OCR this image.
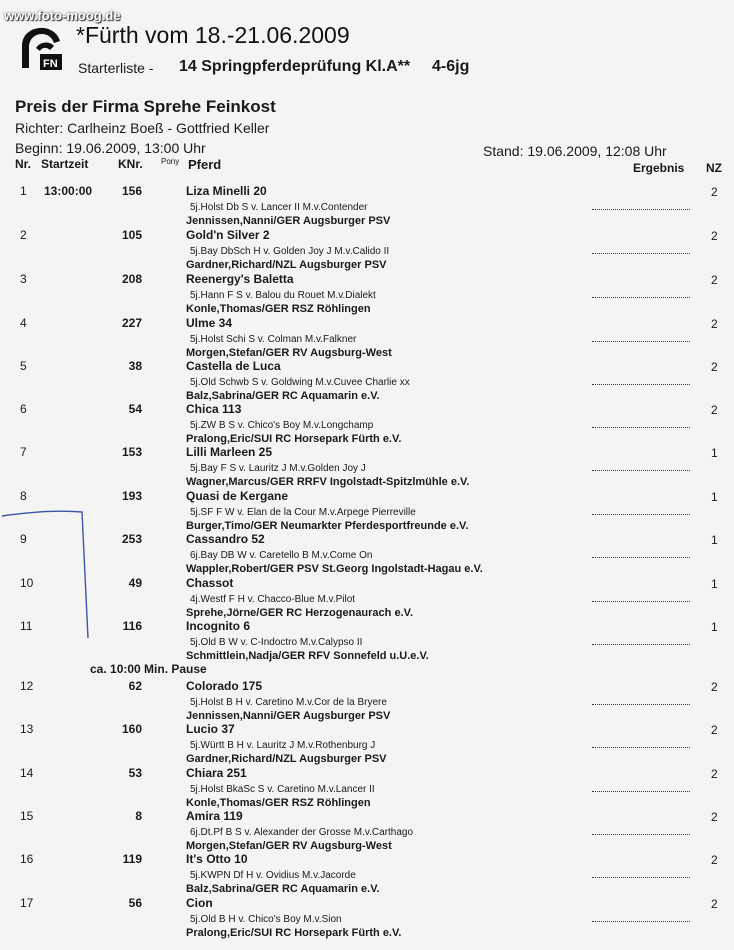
www.foto-moog.de
FN
*Fürth vom 18.-21.06.2009
Starterliste - 14 Springpferdeprüfung Kl.A** 4-6jg
Preis der Firma Sprehe Feinkost
Richter: Carlheinz Boeß - Gottfried Keller
Beginn: 19.06.2009, 13:00 Uhr	Stand: 19.06.2009, 12:08 Uhr
Nr. Startzeit KNr. Pony Pferd	Ergebnis NZ
ca. 10:00 Min. Pause
1 13:00:00	156	Liza Minelli 20
5j.Holst Db S v. Lancer II M.v.Contender
Jennissen,Nanni/GER Augsburger PSV
2
2	105	Gold'n Silver 2
5j.Bay DbSch H v. Golden Joy J M.v.Calido II
Gardner,Richard/NZL Augsburger PSV
2
3	208	Reenergy's Baletta
5j.Hann F S v. Balou du Rouet M.v.Dialekt
Konle,Thomas/GER RSZ Röhlingen
2
4	227	Ulme 34
5j.Holst Schi S v. Colman M.v.Falkner
Morgen,Stefan/GER RV Augsburg-West
2
5	38	Castella de Luca
5j.Old Schwb S v. Goldwing M.v.Cuvee Charlie xx
Balz,Sabrina/GER RC Aquamarin e.V.
2
6	54	Chica 113
5j.ZW B S v. Chico's Boy M.v.Longchamp
Pralong,Eric/SUI RC Horsepark Fürth e.V.
2
7	153	Lilli Marleen 25
5j.Bay F S v. Lauritz J M.v.Golden Joy J
Wagner,Marcus/GER RRFV Ingolstadt-Spitzlmühle e.V.
1
8	193	Quasi de Kergane
5j.SF F W v. Elan de la Cour M.v.Arpege Pierreville
Burger,Timo/GER Neumarkter Pferdesportfreunde e.V.
1
9	253	Cassandro 52
6j.Bay DB W v. Caretello B M.v.Come On
Wappler,Robert/GER PSV St.Georg Ingolstadt-Hagau e.V.
1
10	49	Chassot
4j.Westf F H v. Chacco-Blue M.v.Pilot
Sprehe,Jörne/GER RC Herzogenaurach e.V.
1
11	116	Incognito 6
5j.Old B W v. C-Indoctro M.v.Calypso II
Schmittlein,Nadja/GER RFV Sonnefeld u.U.e.V.
1
12	62	Colorado 175
5j.Holst B H v. Caretino M.v.Cor de la Bryere
Jennissen,Nanni/GER Augsburger PSV
2
13	160	Lucio 37
5j.Württ B H v. Lauritz J M.v.Rothenburg J
Gardner,Richard/NZL Augsburger PSV
2
14	53	Chiara 251
5j.Holst BkaSc S v. Caretino M.v.Lancer II
Konle,Thomas/GER RSZ Röhlingen
2
15	8	Amira 119
6j.Dt.Pf B S v. Alexander der Grosse M.v.Carthago
Morgen,Stefan/GER RV Augsburg-West
2
16	119	It's Otto 10
5j.KWPN Df H v. Ovidius M.v.Jacorde
Balz,Sabrina/GER RC Aquamarin e.V.
2
17	56	Cion
5j.Old B H v. Chico's Boy M.v.Sion
Pralong,Eric/SUI RC Horsepark Fürth e.V.
2
